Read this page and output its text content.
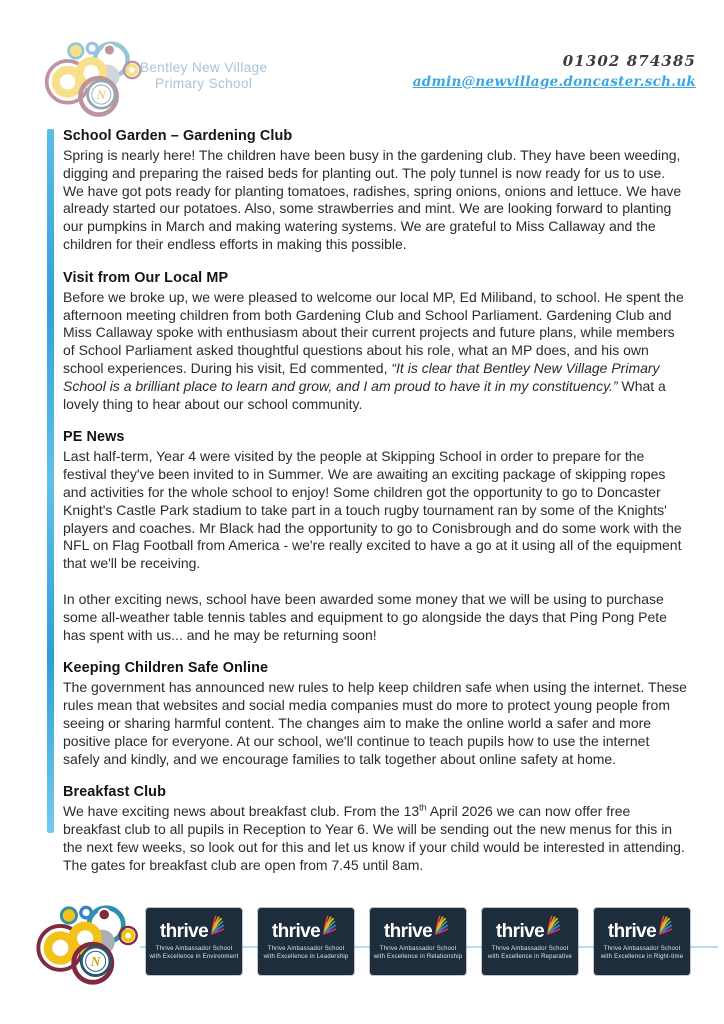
N
Bentley New Village
Primary School
01302 874385
admin@newvillage.doncaster.sch.uk
School Garden – Gardening Club

Spring is nearly here! The children have been busy in the gardening club. They have been weeding, digging and preparing the raised beds for planting out. The poly tunnel is now ready for us to use. We have got pots ready for planting tomatoes, radishes, spring onions, onions and lettuce. We have already started our potatoes. Also, some strawberries and mint. We are looking forward to planting our pumpkins in March and making watering systems. We are grateful to Miss Callaway and the children for their endless efforts in making this possible.

Visit from Our Local MP

Before we broke up, we were pleased to welcome our local MP, Ed Miliband, to school. He spent the afternoon meeting children from both Gardening Club and School Parliament. Gardening Club and Miss Callaway spoke with enthusiasm about their current projects and future plans, while members of School Parliament asked thoughtful questions about his role, what an MP does, and his own school experiences. During his visit, Ed commented, “It is clear that Bentley New Village Primary School is a brilliant place to learn and grow, and I am proud to have it in my constituency.” What a lovely thing to hear about our school community.

PE News

Last half-term, Year 4 were visited by the people at Skipping School in order to prepare for the festival they've been invited to in Summer. We are awaiting an exciting package of skipping ropes and activities for the whole school to enjoy! Some children got the opportunity to go to Doncaster Knight's Castle Park stadium to take part in a touch rugby tournament ran by some of the Knights' players and coaches. Mr Black had the opportunity to go to Conisbrough and do some work with the NFL on Flag Football from America - we're really excited to have a go at it using all of the equipment that we'll be receiving.

In other exciting news, school have been awarded some money that we will be using to purchase some all-weather table tennis tables and equipment to go alongside the days that Ping Pong Pete has spent with us... and he may be returning soon!

Keeping Children Safe Online

The government has announced new rules to help keep children safe when using the internet. These rules mean that websites and social media companies must do more to protect young people from seeing or sharing harmful content. The changes aim to make the online world a safer and more positive place for everyone. At our school, we'll continue to teach pupils how to use the internet safely and kindly, and we encourage families to talk together about online safety at home.

Breakfast Club

We have exciting news about breakfast club. From the 13th April 2026 we can now offer free breakfast club to all pupils in Reception to Year 6. We will be sending out the new menus for this in the next few weeks, so look out for this and let us know if your child would be interested in attending. The gates for breakfast club are open from 7.45 until 8am.

N
thrive
Thrive Ambassador School
with Excellence in Environment
thrive
Thrive Ambassador School
with Excellence in Leadership
thrive
Thrive Ambassador School
with Excellence in Relationship
thrive
Thrive Ambassador School
with Excellence in Reparative
thrive
Thrive Ambassador School
with Excellence in Right-time
